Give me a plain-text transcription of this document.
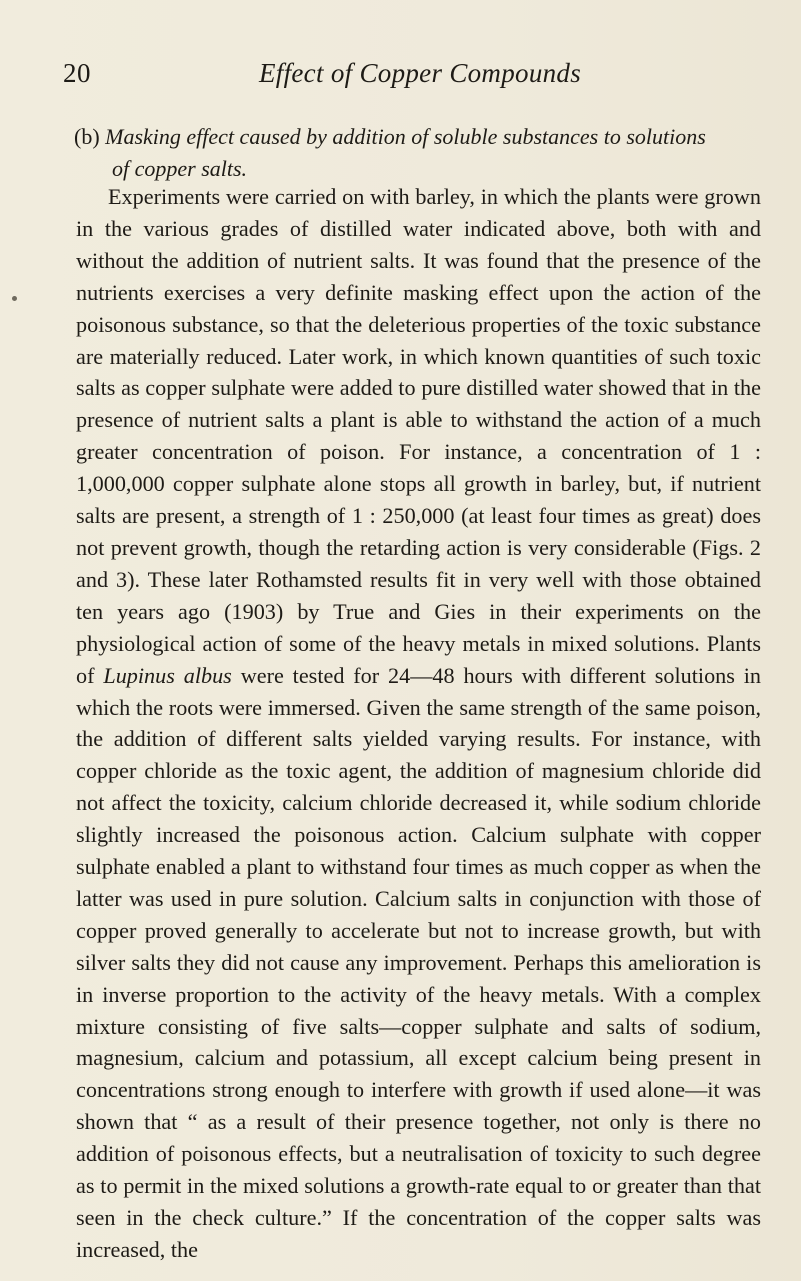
20	Effect of Copper Compounds
(b) Masking effect caused by addition of soluble substances to solutions of copper salts.

Experiments were carried on with barley, in which the plants were grown in the various grades of distilled water indicated above, both with and without the addition of nutrient salts. It was found that the presence of the nutrients exercises a very definite masking effect upon the action of the poisonous substance, so that the deleterious properties of the toxic substance are materially reduced. Later work, in which known quantities of such toxic salts as copper sulphate were added to pure distilled water showed that in the presence of nutrient salts a plant is able to withstand the action of a much greater concentration of poison. For instance, a concentration of 1 : 1,000,000 copper sulphate alone stops all growth in barley, but, if nutrient salts are present, a strength of 1 : 250,000 (at least four times as great) does not prevent growth, though the retarding action is very considerable (Figs. 2 and 3). These later Rothamsted results fit in very well with those obtained ten years ago (1903) by True and Gies in their experiments on the physiological action of some of the heavy metals in mixed solutions. Plants of Lupinus albus were tested for 24—48 hours with different solutions in which the roots were immersed. Given the same strength of the same poison, the addition of different salts yielded varying results. For instance, with copper chloride as the toxic agent, the addition of magnesium chloride did not affect the toxicity, calcium chloride decreased it, while sodium chloride slightly increased the poisonous action. Calcium sulphate with copper sulphate enabled a plant to withstand four times as much copper as when the latter was used in pure solution. Calcium salts in conjunction with those of copper proved generally to accelerate but not to increase growth, but with silver salts they did not cause any improvement. Perhaps this amelioration is in inverse proportion to the activity of the heavy metals. With a complex mixture consisting of five salts—copper sulphate and salts of sodium, magnesium, calcium and potassium, all except calcium being present in concentrations strong enough to interfere with growth if used alone—it was shown that “ as a result of their presence together, not only is there no addition of poisonous effects, but a neutralisation of toxicity to such degree as to permit in the mixed solutions a growth-rate equal to or greater than that seen in the check culture.” If the concentration of the copper salts was increased, the
